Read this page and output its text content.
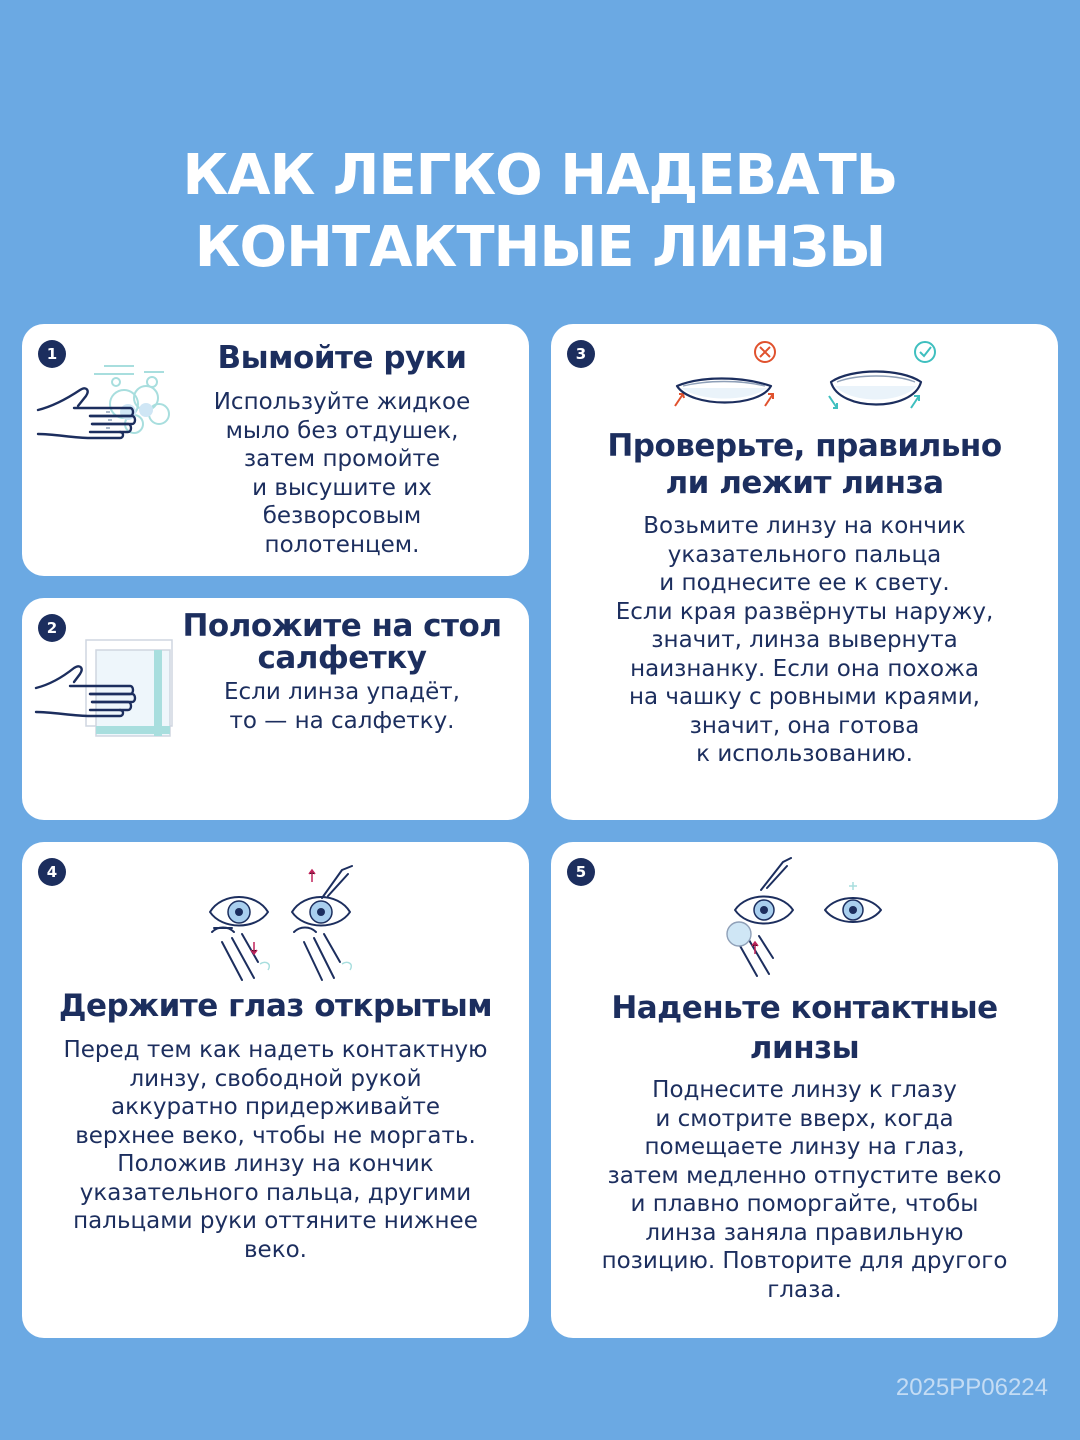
КАК ЛЕГКО НАДЕВАТЬ
КОНТАКТНЫЕ ЛИНЗЫ
1	Вымойте руки

Используйте жидкое
мыло без отдушек,
затем промойте
и высушите их
безворсовым
полотенцем.

2	Положите на стол
салфетку

Если линза упадёт,
то — на салфетку.

3
Проверьте, правильно
ли лежит линза

Возьмите линзу на кончик
указательного пальца
и поднесите ее к свету.
Если края развёрнуты наружу,
значит, линза вывернута
наизнанку. Если она похожа
на чашку с ровными краями,
значит, она готова
к использованию.

4
Держите глаз открытым

Перед тем как надеть контактную
линзу, свободной рукой
аккуратно придерживайте
верхнее веко, чтобы не моргать.
Положив линзу на кончик
указательного пальца, другими
пальцами руки оттяните нижнее
веко.

5
Наденьте контактные
линзы

Поднесите линзу к глазу
и смотрите вверх, когда
помещаете линзу на глаз,
затем медленно отпустите веко
и плавно поморгайте, чтобы
линза заняла правильную
позицию. Повторите для другого
глаза.

2025PP06224
